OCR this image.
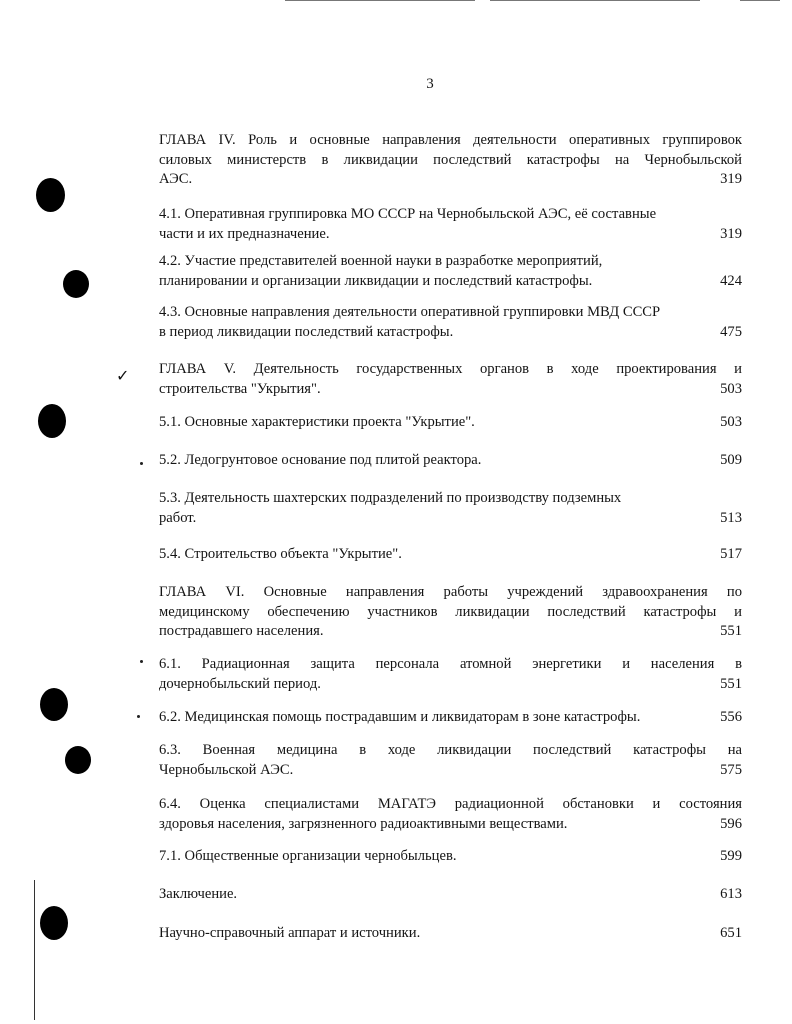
✓
3
ГЛАВА IV. Роль и основные направления деятельности оперативных группировок
силовых министерств в ликвидации последствий катастрофы на Чернобыльской
АЭС.	319
4.1. Оперативная группировка МО СССР на Чернобыльской АЭС, её составные
части и их предназначение.	319
4.2. Участие представителей военной науки в разработке мероприятий,
планировании и организации ликвидации и последствий катастрофы.	424
4.3. Основные направления деятельности оперативной группировки МВД СССР
в период ликвидации последствий катастрофы.	475
ГЛАВА V. Деятельность государственных органов в ходе проектирования и
строительства "Укрытия".	503
5.1. Основные характеристики проекта "Укрытие".	503
5.2. Ледогрунтовое основание под плитой реактора.	509
5.3. Деятельность шахтерских подразделений по производству подземных
работ.	513
5.4. Строительство объекта "Укрытие".	517
ГЛАВА VI. Основные направления работы учреждений здравоохранения по
медицинскому обеспечению участников ликвидации последствий катастрофы и
пострадавшего населения.	551
6.1. Радиационная защита персонала атомной энергетики и населения в
дочернобыльский период.	551
6.2. Медицинская помощь пострадавшим и ликвидаторам в зоне катастрофы.	556
6.3. Военная медицина в ходе ликвидации последствий катастрофы на
Чернобыльской АЭС.	575
6.4. Оценка специалистами МАГАТЭ радиационной обстановки и состояния
здоровья населения, загрязненного радиоактивными веществами.	596
7.1. Общественные организации чернобыльцев.	599
Заключение.	613
Научно-справочный аппарат и источники.	651
